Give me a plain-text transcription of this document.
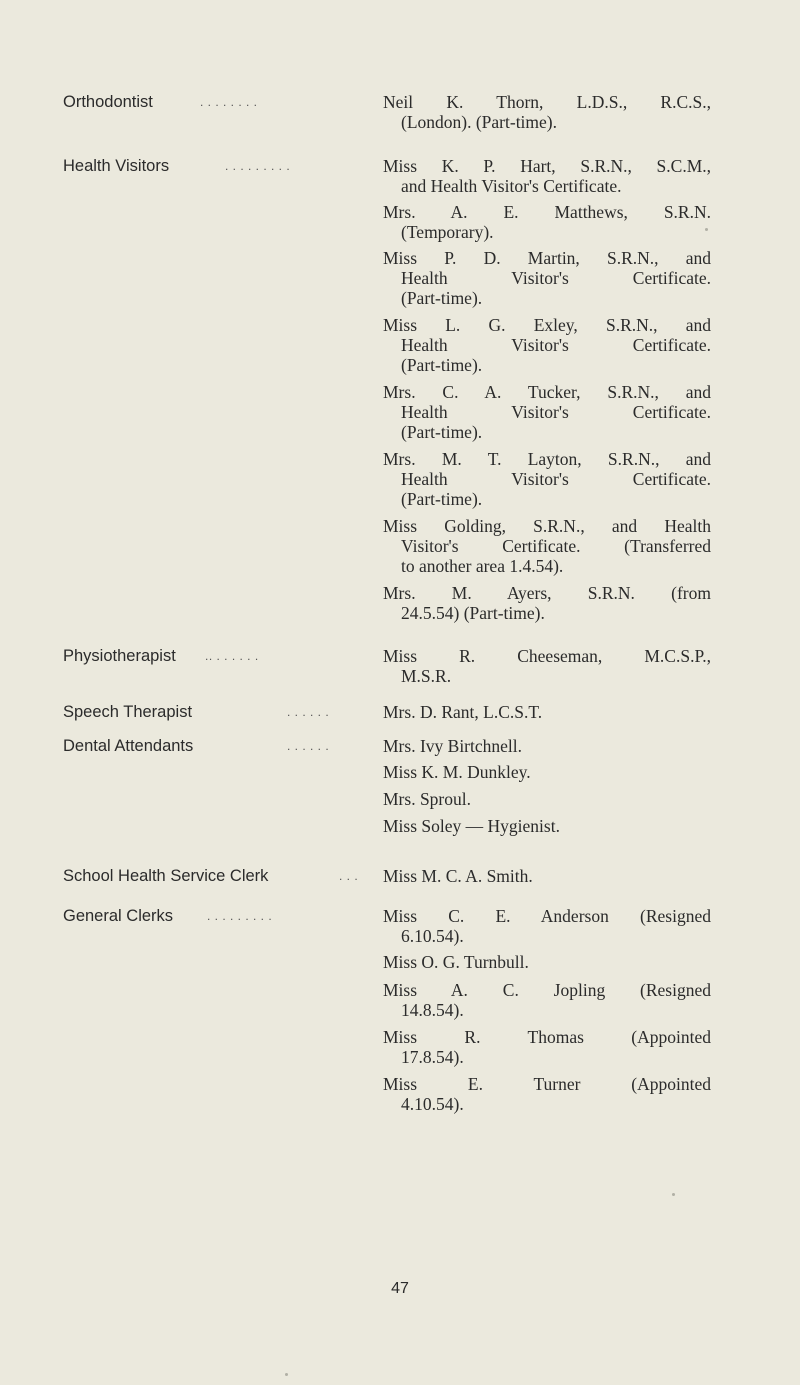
Orthodontist	. . . . . . . .	Neil K. Thorn, L.D.S., R.C.S.,
(London). (Part-time).
Health Visitors	. . . . . . . . .	Miss K. P. Hart, S.R.N., S.C.M.,
and Health Visitor's Certificate.
Mrs. A. E. Matthews, S.R.N.
(Temporary).
Miss P. D. Martin, S.R.N., and
Health Visitor's Certificate.
(Part-time).
Miss L. G. Exley, S.R.N., and
Health Visitor's Certificate.
(Part-time).
Mrs. C. A. Tucker, S.R.N., and
Health Visitor's Certificate.
(Part-time).
Mrs. M. T. Layton, S.R.N., and
Health Visitor's Certificate.
(Part-time).
Miss Golding, S.R.N., and Health
Visitor's Certificate. (Transferred
to another area 1.4.54).
Mrs. M. Ayers, S.R.N. (from
24.5.54) (Part-time).
Physiotherapist .. . . . . . .	Miss R. Cheeseman, M.C.S.P.,
M.S.R.
Speech Therapist	. . . . . .	Mrs. D. Rant, L.C.S.T.
Dental Attendants	. . . . . .	Mrs. Ivy Birtchnell.
Miss K. M. Dunkley.
Mrs. Sproul.
Miss Soley — Hygienist.
School Health Service Clerk	. . . Miss M. C. A. Smith.
General Clerks	. . . . . . . . .	Miss C. E. Anderson (Resigned
6.10.54).
Miss O. G. Turnbull.
Miss A. C. Jopling (Resigned
14.8.54).
Miss R. Thomas (Appointed
17.8.54).
Miss E. Turner (Appointed
4.10.54).
47
